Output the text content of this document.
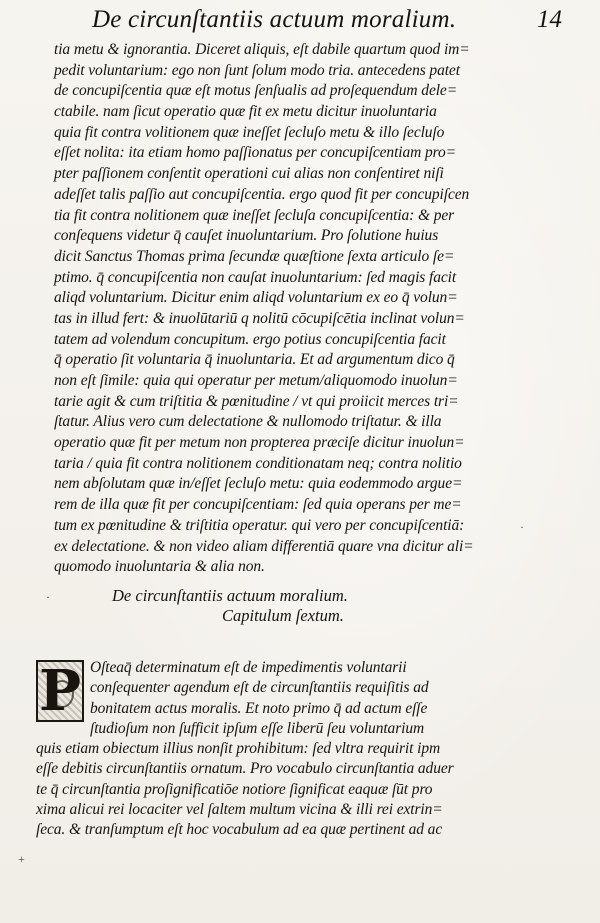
De circunſtantiis actuum moralium.	14
tia metu & ignorantia. Diceret aliquis, eſt dabile quartum quod im=
pedit voluntarium: ego non ſunt ſolum modo tria. antecedens patet
de concupiſcentia quæ eſt motus ſenſualis ad proſequendum dele=
ctabile. nam ſicut operatio quæ fit ex metu dicitur inuoluntaria
quia fit contra volitionem quæ ineſſet ſecluſo metu & illo ſecluſo
eſſet nolita: ita etiam homo paſſionatus per concupiſcentiam pro=
pter paſſionem conſentit operationi cui alias non conſentiret niſi
adeſſet talis paſſio aut concupiſcentia. ergo quod fit per concupiſcen
tia fit contra nolitionem quæ ineſſet ſecluſa concupiſcentia: & per
conſequens videtur q̄ cauſet inuoluntarium. Pro ſolutione huius
dicit Sanctus Thomas prima ſecundæ quæſtione ſexta articulo ſe=
ptimo. q̄ concupiſcentia non cauſat inuoluntarium: ſed magis facit
aliqd voluntarium. Dicitur enim aliqd voluntarium ex eo q̄ volun=
tas in illud fert: & inuolūtariū q nolitū cōcupiſcētia inclinat volun=
tatem ad volendum concupitum. ergo potius concupiſcentia facit
q̄ operatio ſit voluntaria q̄ inuoluntaria. Et ad argumentum dico q̄
non eſt ſimile: quia qui operatur per metum/aliquomodo inuolun=
tarie agit & cum triſtitia & pœnitudine / vt qui proiicit merces tri=
ſtatur. Alius vero cum delectatione & nullomodo triſtatur. & illa
operatio quæ fit per metum non propterea præciſe dicitur inuolun=
taria / quia fit contra nolitionem conditionatam neq; contra nolitio
nem abſolutam quæ in/eſſet ſecluſo metu: quia eodemmodo argue=
rem de illa quæ fit per concupiſcentiam: ſed quia operans per me=
tum ex pœnitudine & triſtitia operatur. qui vero per concupiſcentiā:
ex delectatione. & non video aliam differentiā quare vna dicitur ali=
quomodo inuoluntaria & alia non.
De circunſtantiis actuum moralium.
Capitulum ſextum.
P Oſteaq̄ determinatum eſt de impedimentis voluntarii
conſequenter agendum eſt de circunſtantiis requiſitis ad
bonitatem actus moralis. Et noto primo q̄ ad actum eſſe
ſtudioſum non ſufficit ipſum eſſe liberū ſeu voluntarium
quis etiam obiectum illius nonſit prohibitum: ſed vltra requirit ipm
eſſe debitis circunſtantiis ornatum. Pro vocabulo circunſtantia aduer
te q̄ circunſtantia proſignificatiōe notiore ſignificat eaquæ ſūt pro
xima alicui rei locaciter vel ſaltem multum vicina & illi rei extrin=
ſeca. & tranſumptum eſt hoc vocabulum ad ea quæ pertinent ad ac
+
·
·
